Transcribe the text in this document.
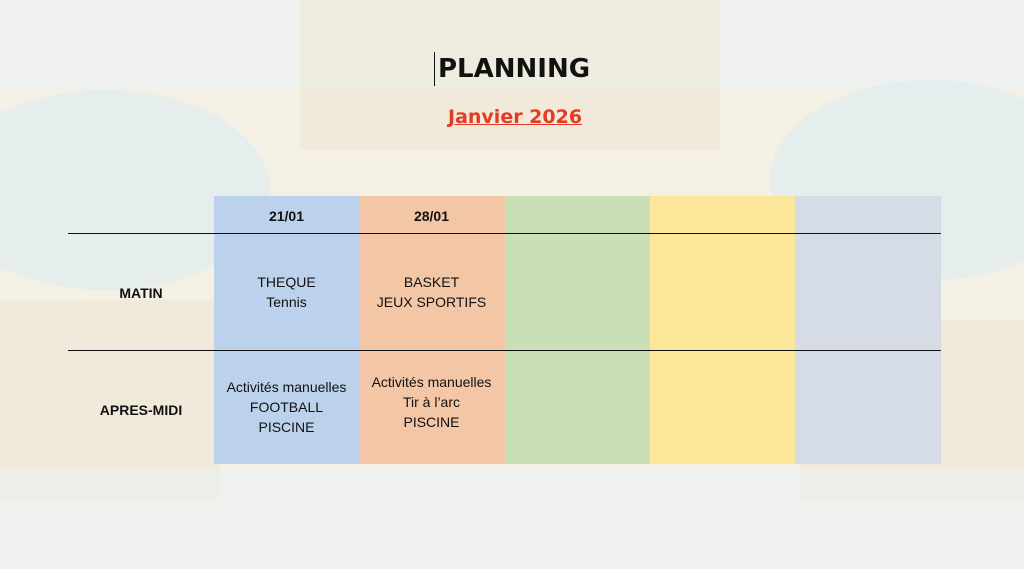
PLANNING
Janvier 2026
21/01	28/01
MATIN
APRES-MIDI
THEQUE
Tennis
BASKET
JEUX SPORTIFS
Activités manuelles
FOOTBALL
PISCINE
Activités manuelles
Tir à l’arc
PISCINE
